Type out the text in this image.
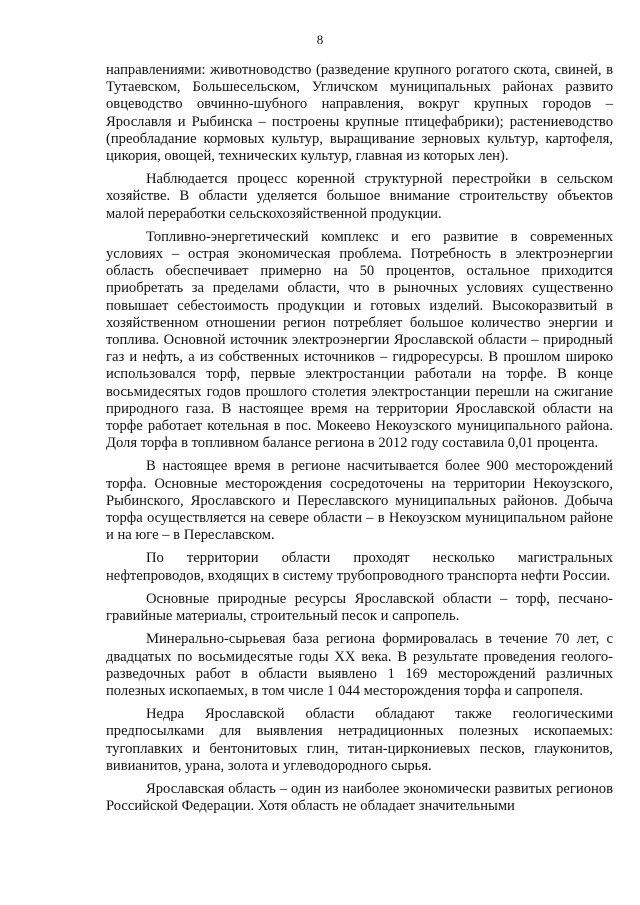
8

направлениями: животноводство (разведение крупного рогатого скота, свиней, в Тутаевском, Большесельском, Угличском муниципальных районах развито овцеводство овчинно-шубного направления, вокруг крупных городов – Ярославля и Рыбинска – построены крупные птицефабрики); растениеводство (преобладание кормовых культур, выращивание зерновых культур, картофеля, цикория, овощей, технических культур, главная из которых лен).

Наблюдается процесс коренной структурной перестройки в сельском хозяйстве. В области уделяется большое внимание строительству объектов малой переработки сельскохозяйственной продукции.

Топливно-энергетический комплекс и его развитие в современных условиях – острая экономическая проблема. Потребность в электроэнергии область обеспечивает примерно на 50 процентов, остальное приходится приобретать за пределами области, что в рыночных условиях существенно повышает себестоимость продукции и готовых изделий. Высокоразвитый в хозяйственном отношении регион потребляет большое количество энергии и топлива. Основной источник электроэнергии Ярославской области – природный газ и нефть, а из собственных источников – гидроресурсы. В прошлом широко использовался торф, первые электростанции работали на торфе. В конце восьмидесятых годов прошлого столетия электростанции перешли на сжигание природного газа. В настоящее время на территории Ярославской области на торфе работает котельная в пос. Мокеево Некоузского муниципального района. Доля торфа в топливном балансе региона в 2012 году составила 0,01 процента.

В настоящее время в регионе насчитывается более 900 месторождений торфа. Основные месторождения сосредоточены на территории Некоузского, Рыбинского, Ярославского и Переславского муниципальных районов. Добыча торфа осуществляется на севере области – в Некоузском муниципальном районе и на юге – в Переславском.

По территории области проходят несколько магистральных нефтепроводов, входящих в систему трубопроводного транспорта нефти России.

Основные природные ресурсы Ярославской области – торф, песчано-гравийные материалы, строительный песок и сапропель.

Минерально-сырьевая база региона формировалась в течение 70 лет, с двадцатых по восьмидесятые годы XX века. В результате проведения геолого-разведочных работ в области выявлено 1 169 месторождений различных полезных ископаемых, в том числе 1 044 месторождения торфа и сапропеля.

Недра Ярославской области обладают также геологическими предпосылками для выявления нетрадиционных полезных ископаемых: тугоплавких и бентонитовых глин, титан-циркониевых песков, глауконитов, вивианитов, урана, золота и углеводородного сырья.

Ярославская область – один из наиболее экономически развитых регионов Российской Федерации. Хотя область не обладает значительными
